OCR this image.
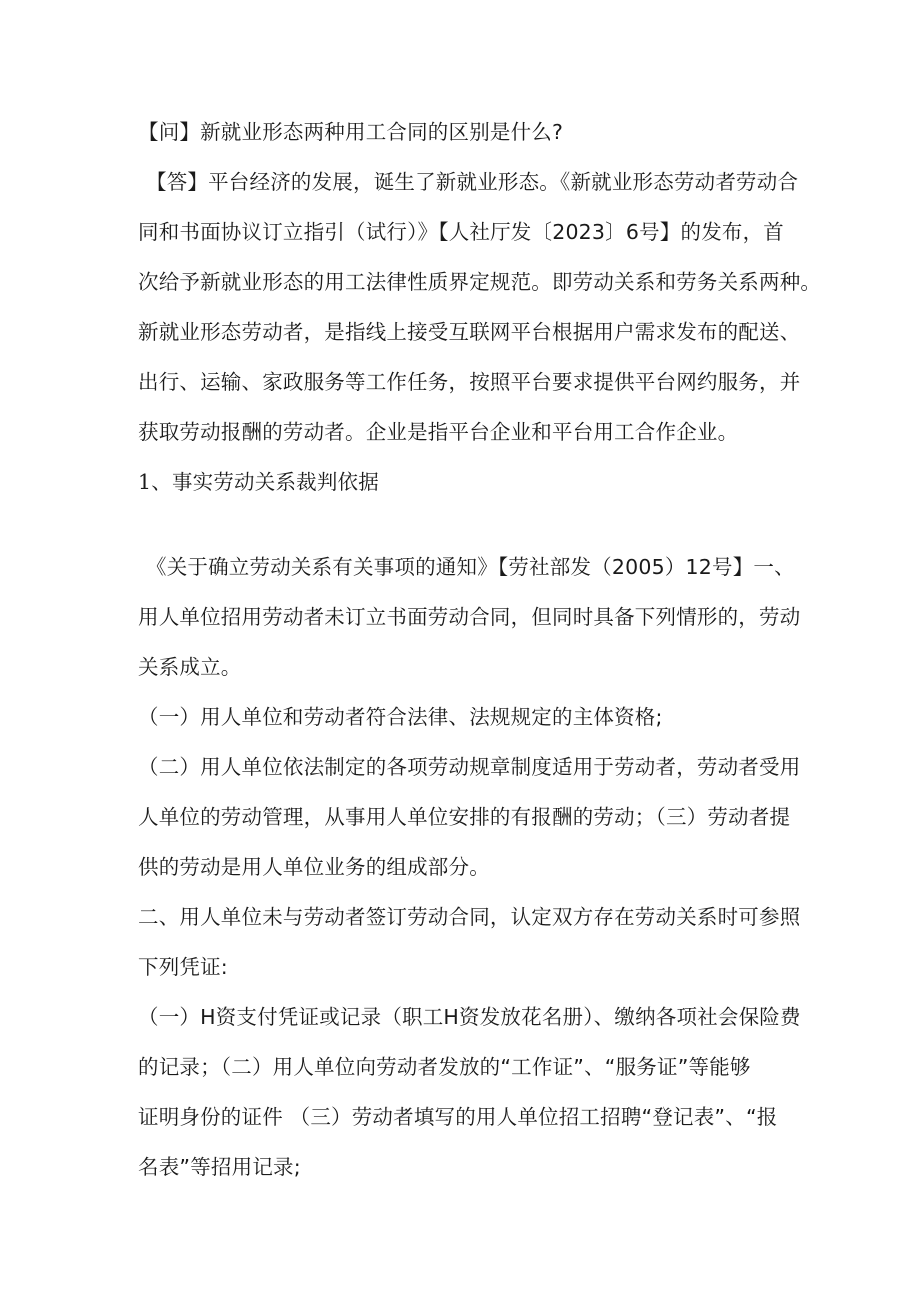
【问】新就业形态两种用工合同的区别是什么?
【答】平台经济的发展，诞生了新就业形态。《新就业形态劳动者劳动合
同和书面协议订立指引（试行）》【人社厅发〔2023〕6号】的发布，首
次给予新就业形态的用工法律性质界定规范。即劳动关系和劳务关系两种。
新就业形态劳动者，是指线上接受互联网平台根据用户需求发布的配送、
出行、运输、家政服务等工作任务，按照平台要求提供平台网约服务，并
获取劳动报酬的劳动者。企业是指平台企业和平台用工合作企业。
1、事实劳动关系裁判依据
《关于确立劳动关系有关事项的通知》【劳社部发（2005）12号】一、
用人单位招用劳动者未订立书面劳动合同，但同时具备下列情形的，劳动
关系成立。
（一）用人单位和劳动者符合法律、法规规定的主体资格;
（二）用人单位依法制定的各项劳动规章制度适用于劳动者，劳动者受用
人单位的劳动管理，从事用人单位安排的有报酬的劳动；（三）劳动者提
供的劳动是用人单位业务的组成部分。
二、用人单位未与劳动者签订劳动合同，认定双方存在劳动关系时可参照
下列凭证:
（一）H资支付凭证或记录（职工H资发放花名册）、缴纳各项社会保险费
的记录；（二）用人单位向劳动者发放的“工作证”、“服务证”等能够
证明身份的证件 （三）劳动者填写的用人单位招工招聘“登记表”、“报
名表”等招用记录;
